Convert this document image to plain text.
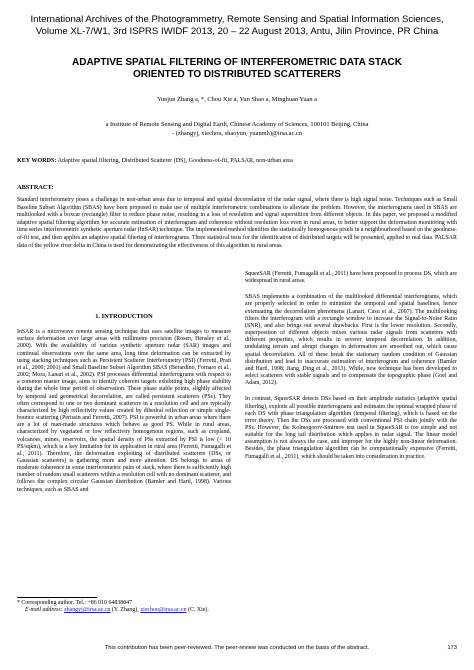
International Archives of the Photogrammetry, Remote Sensing and Spatial Information Sciences,
Volume XL-7/W1, 3rd ISPRS IWIDF 2013, 20 – 22 August 2013, Antu, Jilin Province, PR China
ADAPTIVE SPATIAL FILTERING OF INTERFEROMETRIC DATA STACK
ORIENTED TO DISTRIBUTED SCATTERERS
Yunjun Zhang a, *, Chou Xie a, Yun Shao a, Minghuan Yuan a
a Institute of Remote Sensing and Digital Earth, Chinese Academy of Sciences, 100101 Beijing, China
- (zhangyj, xiechou, shaoyun, yuanmh)@irsa.ac.cn
KEY WORDS: Adaptive spatial filtering, Distributed Scatterer (DS), Goodness-of-fit, PALSAR, non-urban area
ABSTRACT:
Standard interferometry poses a challenge in non-urban areas due to temporal and spatial decorrelation of the radar signal, where there is high signal noise. Techniques such as Small Baseline Subset Algorithm (SBAS) have been proposed to make use of multiple interferometric combinations to alleviate the problem. However, the interferograms used in SBAS are multilooked with a boxcar (rectangle) filter to reduce phase noise, resulting in a loss of resolution and signal superstition from different objects. In this paper, we proposed a modified adaptive spatial filtering algorithm for accurate estimation of interferogram and coherence without resolution loss even in rural areas, to better support the deformation monitoring with time series interferometric synthetic aperture radar (InSAR) technique. The implemented method identifies the statistically homogenous pixels in a neighbourhood based on the goodness-of-fit test, and then applies an adaptive spatial filtering of interferograms. Three statistical tests for the identification of distributed targets will be presented, applied to real data. PALSAR data of the yellow river delta in China is used for demonstrating the effectiveness of this algorithm in rural areas.
1. INTRODUCTION

InSAR is a microwave remote sensing technique that uses satellite images to measure surface deformation over large areas with millimetre precision (Rosen, Hensley et al., 2000). With the availability of various synthetic aperture radar (SAR) images and continual observations over the same area, long time deformation can be extracted by using stacking techniques such as Persistent Scatterer Interferometry (PSI) (Ferretti, Prati et al., 2000; 2001) and Small Baseline Subset Algorithm SBAS (Berardino, Fornaro et al., 2002; Mora, Lanari et al., 2002). PSI processes differential interferograms with respect to a common master image, aims to identify coherent targets exhibiting high phase stability during the whole time period of observation. These phase stable points, slightly affected by temporal and geometrical decorrelation, are called persistent scatterers (PSs). They often correspond to one or two dominant scatterers in a resolution cell and are typically characterized by high reflectivity values created by dihedral reflection or simple single-bounce scattering (Perissin and Ferretti, 2007). PSI is powerful in urban areas where there are a lot of man-made structures which behave as good PS. While in rural areas, characterized by vegetated or low reflectivity homogenous regions, such as cropland, volcanoes, mines, reservoirs, the spatial density of PSs extracted by PSI is low (< 10 PS/sqkm), which is a key limitation for its application in rural area (Ferretti, Fumagalli et al., 2011). Therefore, the deformation exploiting of distributed scatterers (DSs, or Gaussian scatterers) is gathering more and more attention. DS belongs to areas of moderate coherence in some interferometric pairs of stack, where there is sufficiently high number of random small scatterers within a resolution cell with no dominant scatterer, and follows the complex circular Gaussian distribution (Bamler and Hartl, 1998). Various techniques, such as SBAS and

SqueeSAR (Ferretti, Fumagalli et al., 2011) have been proposed to process DS, which are widespread in rural areas.

SBAS implements a combination of the multilooked differential interferograms, which are properly selected in order to minimize the temporal and spatial baselines, hence extenuating the decorrelation phenomena (Lanari, Casu et al., 2007). The multilooking filters the interferogram with a rectangle window to increase the Signal-to-Noise Ratio (SNR), and also brings out several drawbacks. First is the lower resolution. Secondly, superposition of different objects mixes various radar signals from scatterers with different properties, which results in severer temporal decorrelation. In addition, undulating terrain and abrupt changes in deformation are smoothed out, which cause spatial decorrelation. All of these break the stationary random condition of Gaussian distribution and lead to inaccurate estimation of interferogram and coherence (Bamler and Hartl, 1998; Jiang, Ding et al., 2013). While, new technique has been developed to select scatterers with stable signals and to compensate the topographic phase (Goel and Adam, 2012).

In contrast, SqueeSAR detects DSs based on their amplitude statistics (adaptive spatial filtering), exploits all possible interferograms and estimates the optimal wrapped phase of each DS with phase triangulation algorithm (temporal filtering), which is based on the error theory. Then the DSs are processed with conventional PSI chain jointly with the PSs. However, the Kolmogorov-Smirnov test used in SqueeSAR is too simple and not suitable for the long tail distribution which applies in radar signal. The linear model assumption is not always the case, and improper for the highly non-linear deformation. Besides, the phase triangulation algorithm can be computationally expensive (Ferretti, Fumagalli et al., 2011), which should be taken into consideration in practice.

* Corresponding author. Tel.: +86 010 64838047
E-mail address: zhangyj@irsa.ac.cn (Y. Zhang), xiechou@irsa.ac.cn (C. Xie).
This contribution has been peer-reviewed. The peer-review was conducted on the basis of the abstract.	173
